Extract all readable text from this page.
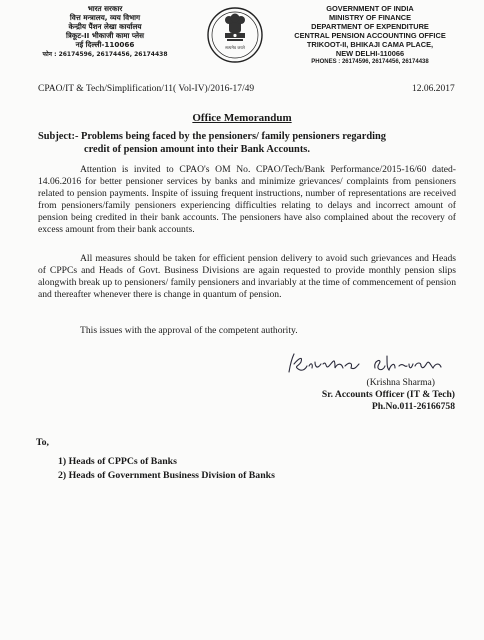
भारत सरकार
वित्त मन्त्रालय, व्यय विभाग
केन्द्रीय पैंशन लेखा कार्यालय
त्रिकूट-II भीकाजी कामा प्लेस
नई दिल्ली-110066
फोन : 26174596, 26174456, 26174438
सत्यमेव जयते
GOVERNMENT OF INDIA
MINISTRY OF FINANCE
DEPARTMENT OF EXPENDITURE
CENTRAL PENSION ACCOUNTING OFFICE
TRIKOOT-II, BHIKAJI CAMA PLACE,
NEW DELHI-110066
PHONES : 26174596, 26174456, 26174438
CPAO/IT & Tech/Simplification/11( Vol-IV)/2016-17/49	12.06.2017
Office Memorandum
Subject:- Problems being faced by the pensioners/ family pensioners regarding
credit of pension amount into their Bank Accounts.
Attention is invited to CPAO's OM No. CPAO/Tech/Bank Performance/2015-16/60 dated-14.06.2016 for better pensioner services by banks and minimize grievances/ complaints from pensioners related to pension payments. Inspite of issuing frequent instructions, number of representations are received from pensioners/family pensioners experiencing difficulties relating to delays and incorrect amount of pension being credited in their bank accounts. The pensioners have also complained about the recovery of excess amount from their bank accounts.
All measures should be taken for efficient pension delivery to avoid such grievances and Heads of CPPCs and Heads of Govt. Business Divisions are again requested to provide monthly pension slips alongwith break up to pensioners/ family pensioners and invariably at the time of commencement of pension and thereafter whenever there is change in quantum of pension.
This issues with the approval of the competent authority.
(Krishna Sharma)
Sr. Accounts Officer (IT & Tech)
Ph.No.011-26166758
To,
1) Heads of CPPCs of Banks
2) Heads of Government Business Division of Banks
